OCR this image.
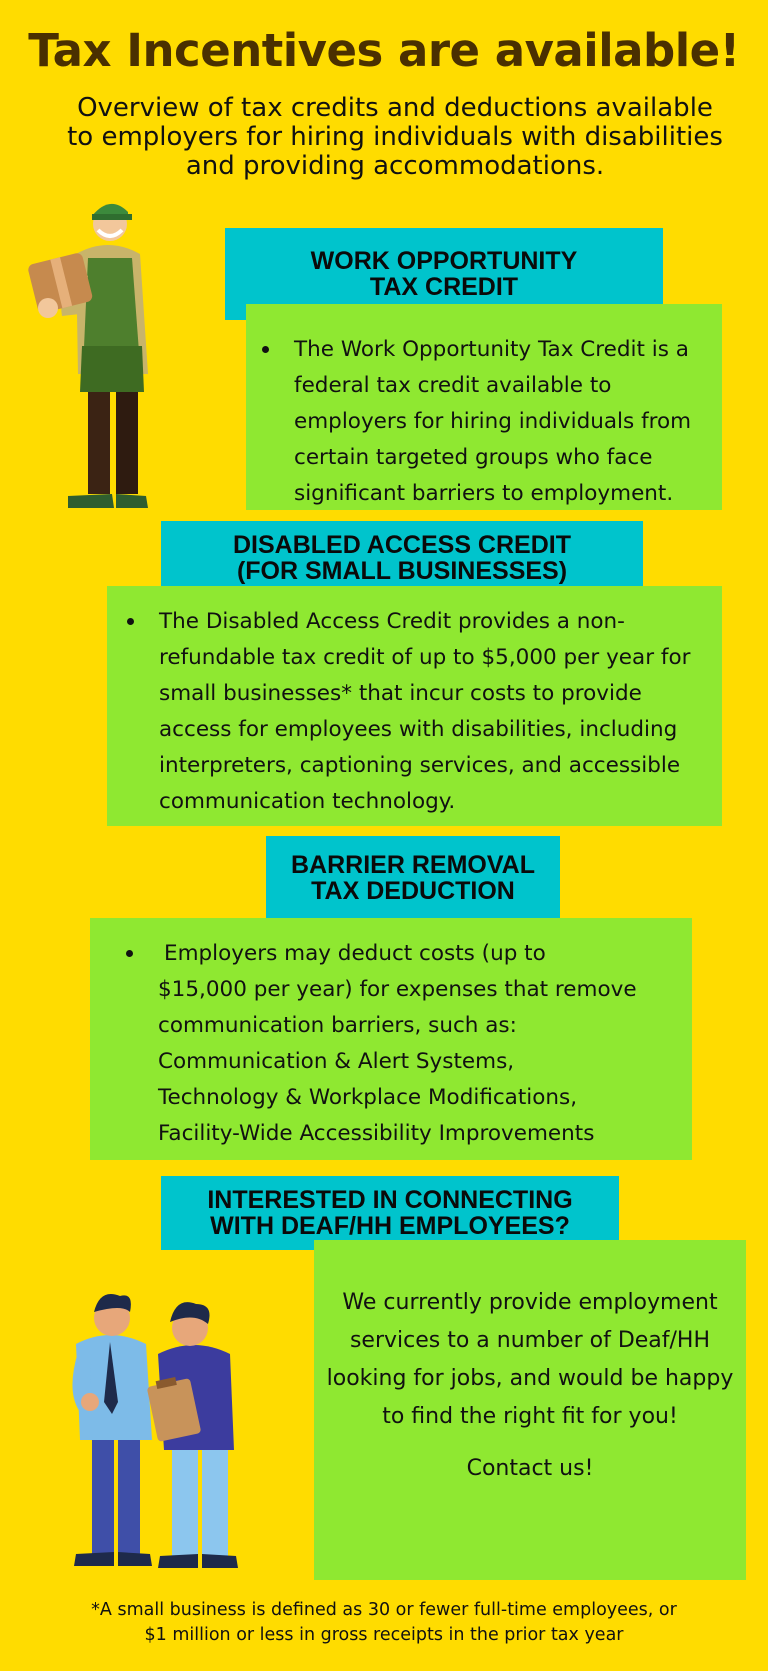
Tax Incentives are available!
Overview of tax credits and deductions available to employers for hiring individuals with disabilities and providing accommodations.
WORK OPPORTUNITY
TAX CREDIT
The Work Opportunity Tax Credit is a federal tax credit available to employers for hiring individuals from certain targeted groups who face significant barriers to employment.
DISABLED ACCESS CREDIT
(FOR SMALL BUSINESSES)
The Disabled Access Credit provides a non-refundable tax credit of up to $5,000 per year for small businesses* that incur costs to provide access for employees with disabilities, including interpreters, captioning services, and accessible communication technology.
BARRIER REMOVAL
TAX DEDUCTION
Employers may deduct costs (up to
$15,000 per year) for expenses that remove
communication barriers, such as:
Communication & Alert Systems,
Technology & Workplace Modifications,
Facility-Wide Accessibility Improvements
INTERESTED IN CONNECTING
WITH DEAF/HH EMPLOYEES?
We currently provide employment services to a number of Deaf/HH looking for jobs, and would be happy to find the right fit for you!
Contact us!
*A small business is defined as 30 or fewer full-time employees, or
$1 million or less in gross receipts in the prior tax year
